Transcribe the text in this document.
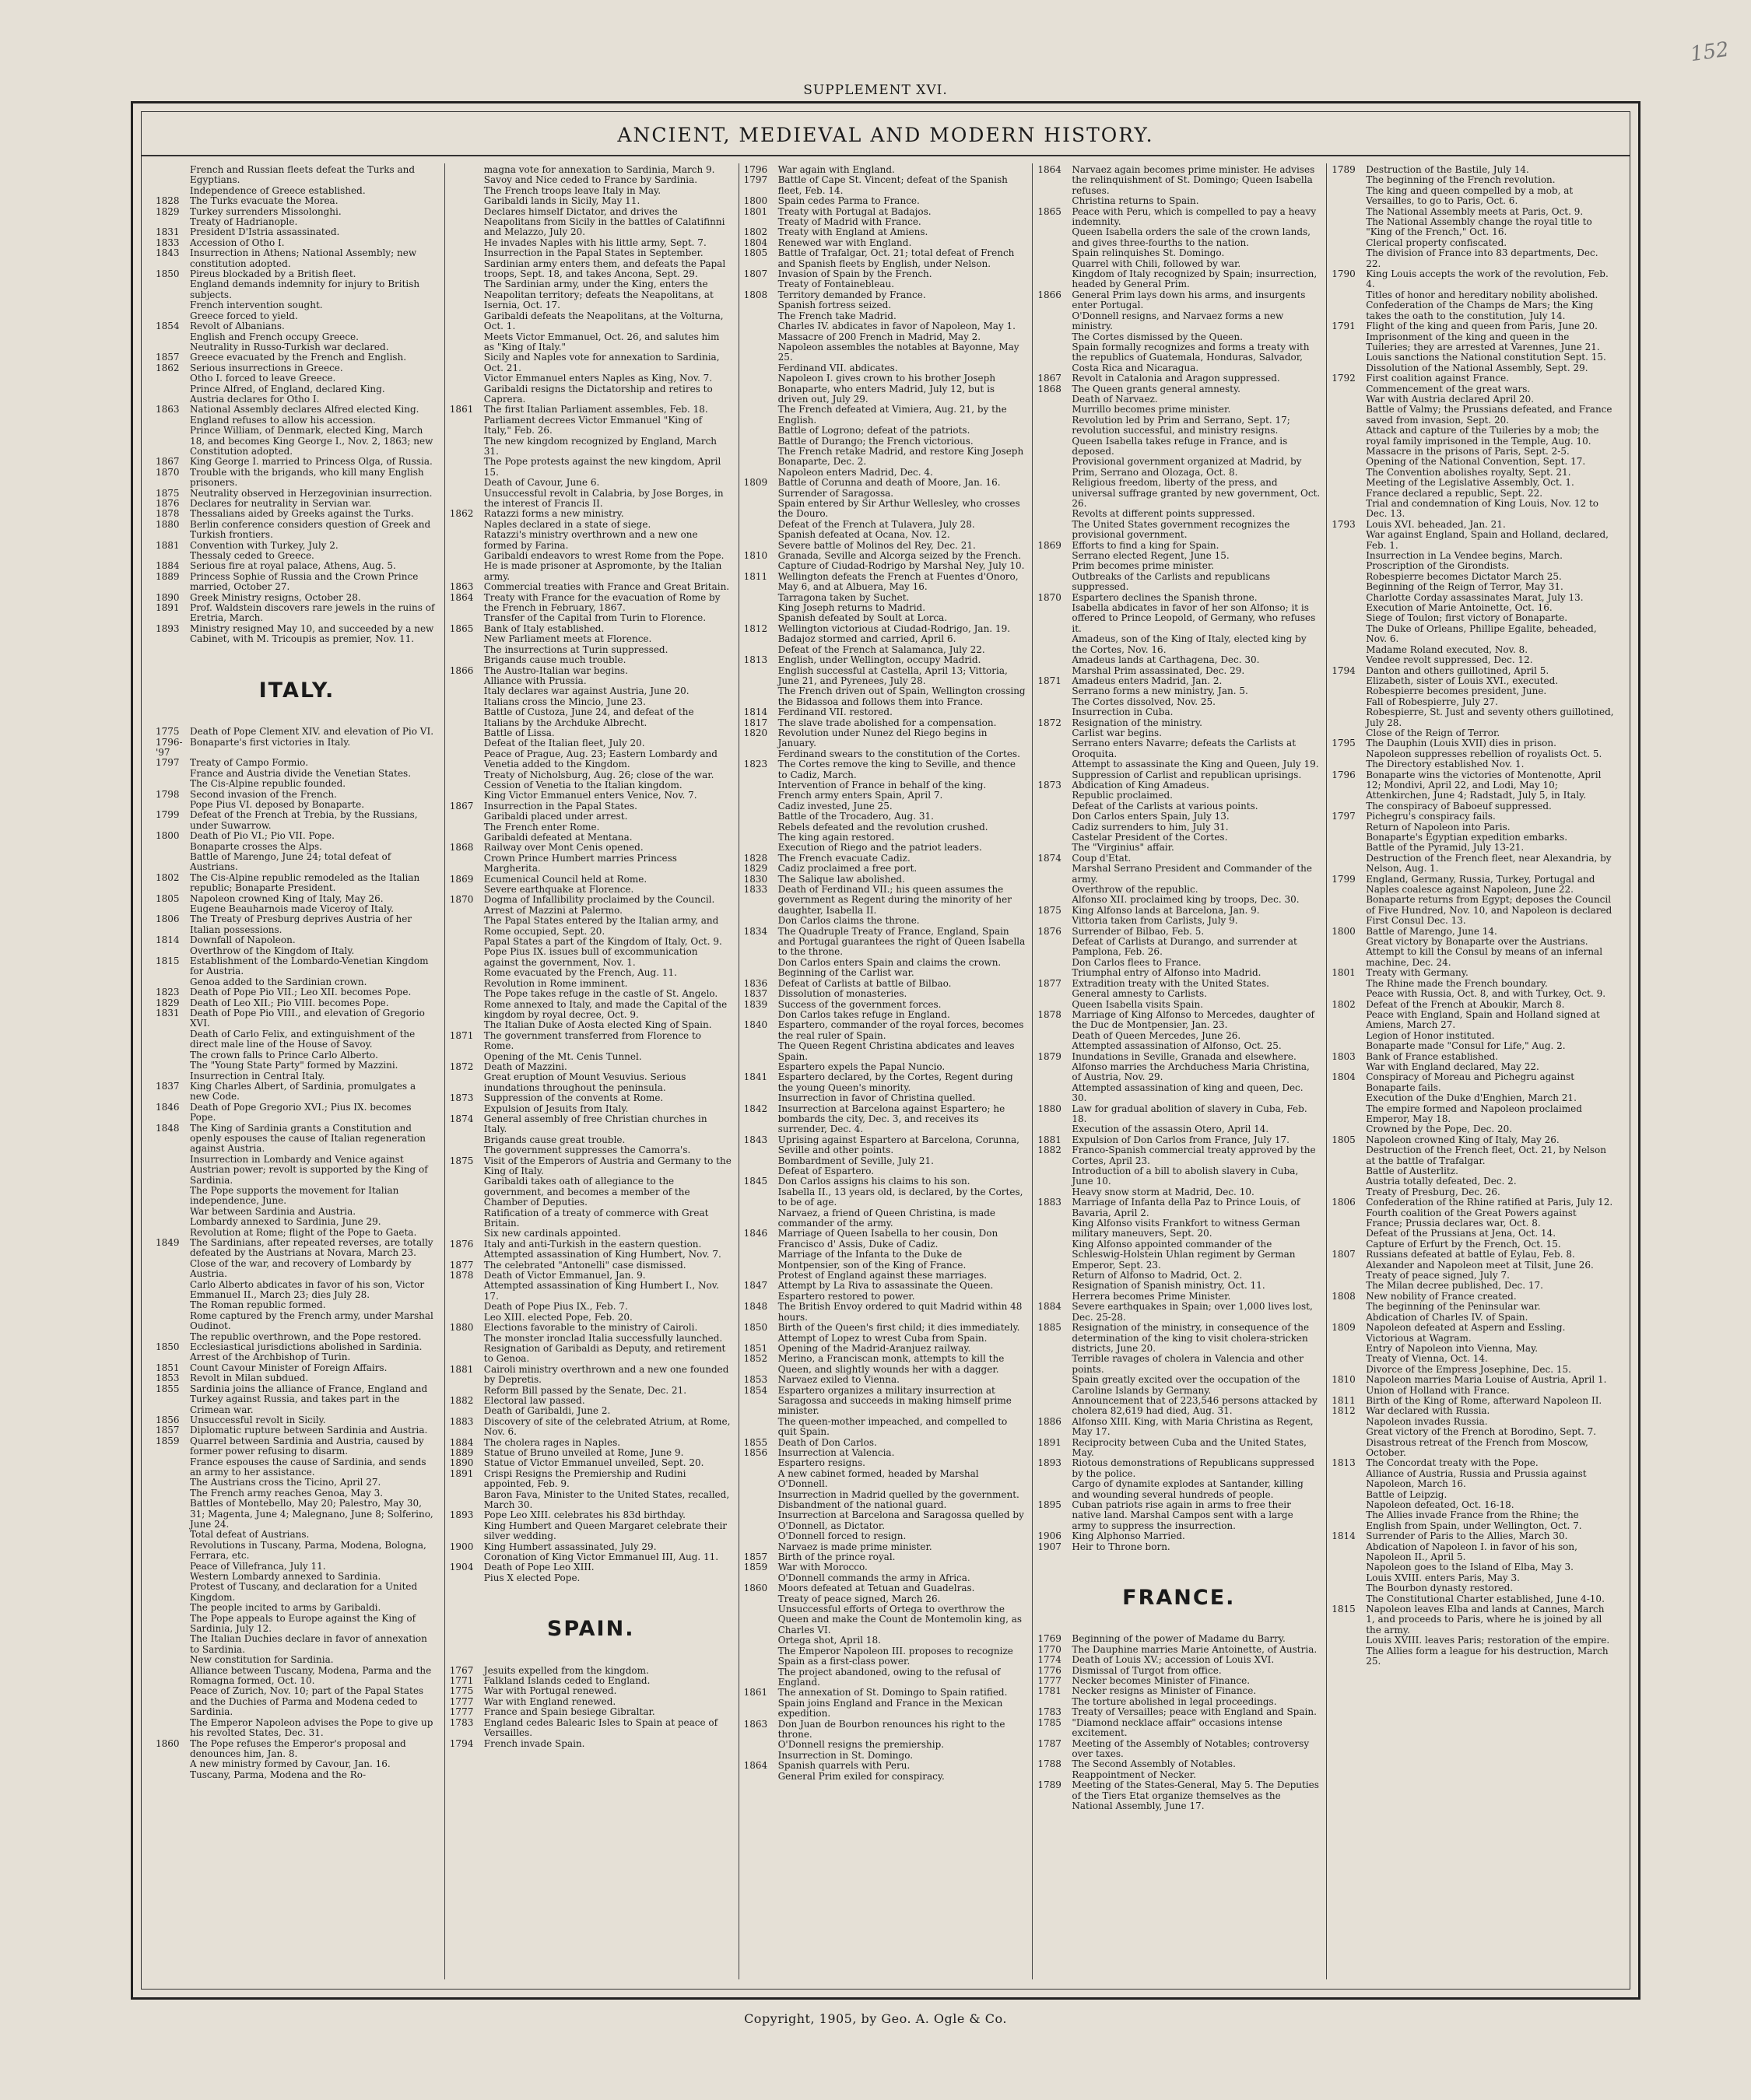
152
SUPPLEMENT XVI.
ANCIENT, MEDIEVAL AND MODERN HISTORY.
French and Russian fleets defeat the Turks and Egyptians.
Independence of Greece established.
1828	The Turks evacuate the Morea.
1829	Turkey surrenders Missolonghi.
Treaty of Hadrianople.
1831	President D'Istria assassinated.
1833	Accession of Otho I.
1843	Insurrection in Athens; National Assembly; new constitution adopted.
1850	Pireus blockaded by a British fleet.
England demands indemnity for injury to British subjects.
French intervention sought.
Greece forced to yield.
1854	Revolt of Albanians.
English and French occupy Greece.
Neutrality in Russo-Turkish war declared.
1857	Greece evacuated by the French and English.
1862	Serious insurrections in Greece.
Otho I. forced to leave Greece.
Prince Alfred, of England, declared King.
Austria declares for Otho I.
1863	National Assembly declares Alfred elected King.
England refuses to allow his accession.
Prince William, of Denmark, elected King, March 18, and becomes King George I., Nov. 2, 1863; new Constitution adopted.
1867	King George I. married to Princess Olga, of Russia.
1870	Trouble with the brigands, who kill many English prisoners.
1875	Neutrality observed in Herzegovinian insurrection.
1876	Declares for neutrality in Servian war.
1878	Thessalians aided by Greeks against the Turks.
1880	Berlin conference considers question of Greek and Turkish frontiers.
1881	Convention with Turkey, July 2.
Thessaly ceded to Greece.
1884	Serious fire at royal palace, Athens, Aug. 5.
1889	Princess Sophie of Russia and the Crown Prince married, October 27.
1890	Greek Ministry resigns, October 28.
1891	Prof. Waldstein discovers rare jewels in the ruins of Eretria, March.
1893	Ministry resigned May 10, and succeeded by a new Cabinet, with M. Tricoupis as premier, Nov. 11.
ITALY.
1775	Death of Pope Clement XIV. and elevation of Pio VI.
1796-'97
Bonaparte's first victories in Italy.
1797	Treaty of Campo Formio.
France and Austria divide the Venetian States.
The Cis-Alpine republic founded.
1798	Second invasion of the French.
Pope Pius VI. deposed by Bonaparte.
1799	Defeat of the French at Trebia, by the Russians, under Suwarrow.
1800	Death of Pio VI.; Pio VII. Pope.
Bonaparte crosses the Alps.
Battle of Marengo, June 24; total defeat of Austrians.
1802	The Cis-Alpine republic remodeled as the Italian republic; Bonaparte President.
1805	Napoleon crowned King of Italy, May 26.
Eugene Beauharnois made Viceroy of Italy.
1806	The Treaty of Presburg deprives Austria of her Italian possessions.
1814	Downfall of Napoleon.
Overthrow of the Kingdom of Italy.
1815	Establishment of the Lombardo-Venetian Kingdom for Austria.
Genoa added to the Sardinian crown.
1823	Death of Pope Pio VII.; Leo XII. becomes Pope.
1829	Death of Leo XII.; Pio VIII. becomes Pope.
1831	Death of Pope Pio VIII., and elevation of Gregorio XVI.
Death of Carlo Felix, and extinguishment of the direct male line of the House of Savoy.
The crown falls to Prince Carlo Alberto.
The "Young State Party" formed by Mazzini.
Insurrection in Central Italy.
1837	King Charles Albert, of Sardinia, promulgates a new Code.
1846	Death of Pope Gregorio XVI.; Pius IX. becomes Pope.
1848	The King of Sardinia grants a Constitution and openly espouses the cause of Italian regeneration against Austria.
Insurrection in Lombardy and Venice against Austrian power; revolt is supported by the King of Sardinia.
The Pope supports the movement for Italian independence, June.
War between Sardinia and Austria.
Lombardy annexed to Sardinia, June 29.
Revolution at Rome; flight of the Pope to Gaeta.
1849	The Sardinians, after repeated reverses, are totally defeated by the Austrians at Novara, March 23.
Close of the war, and recovery of Lombardy by Austria.
Carlo Alberto abdicates in favor of his son, Victor Emmanuel II., March 23; dies July 28.
The Roman republic formed.
Rome captured by the French army, under Marshal Oudinot.
The republic overthrown, and the Pope restored.
1850	Ecclesiastical jurisdictions abolished in Sardinia.
Arrest of the Archbishop of Turin.
1851	Count Cavour Minister of Foreign Affairs.
1853	Revolt in Milan subdued.
1855	Sardinia joins the alliance of France, England and Turkey against Russia, and takes part in the Crimean war.
1856	Unsuccessful revolt in Sicily.
1857	Diplomatic rupture between Sardinia and Austria.
1859	Quarrel between Sardinia and Austria, caused by former power refusing to disarm.
France espouses the cause of Sardinia, and sends an army to her assistance.
The Austrians cross the Ticino, April 27.
The French army reaches Genoa, May 3.
Battles of Montebello, May 20; Palestro, May 30, 31; Magenta, June 4; Malegnano, June 8; Solferino, June 24.
Total defeat of Austrians.
Revolutions in Tuscany, Parma, Modena, Bologna, Ferrara, etc.
Peace of Villefranca, July 11.
Western Lombardy annexed to Sardinia.
Protest of Tuscany, and declaration for a United Kingdom.
The people incited to arms by Garibaldi.
The Pope appeals to Europe against the King of Sardinia, July 12.
The Italian Duchies declare in favor of annexation to Sardinia.
New constitution for Sardinia.
Alliance between Tuscany, Modena, Parma and the Romagna formed, Oct. 10.
Peace of Zurich, Nov. 10; part of the Papal States and the Duchies of Parma and Modena ceded to Sardinia.
The Emperor Napoleon advises the Pope to give up his revolted States, Dec. 31.
1860	The Pope refuses the Emperor's proposal and denounces him, Jan. 8.
A new ministry formed by Cavour, Jan. 16.
Tuscany, Parma, Modena and the Ro-
magna vote for annexation to Sardinia, March 9.
Savoy and Nice ceded to France by Sardinia.
The French troops leave Italy in May.
Garibaldi lands in Sicily, May 11.
Declares himself Dictator, and drives the Neapolitans from Sicily in the battles of Calatifinni and Melazzo, July 20.
He invades Naples with his little army, Sept. 7.
Insurrection in the Papal States in September. Sardinian army enters them, and defeats the Papal troops, Sept. 18, and takes Ancona, Sept. 29.
The Sardinian army, under the King, enters the Neapolitan territory; defeats the Neapolitans, at Isernia, Oct. 17.
Garibaldi defeats the Neapolitans, at the Volturna, Oct. 1.
Meets Victor Emmanuel, Oct. 26, and salutes him as "King of Italy."
Sicily and Naples vote for annexation to Sardinia, Oct. 21.
Victor Emmanuel enters Naples as King, Nov. 7.
Garibaldi resigns the Dictatorship and retires to Caprera.
1861	The first Italian Parliament assembles, Feb. 18.
Parliament decrees Victor Emmanuel "King of Italy," Feb. 26.
The new kingdom recognized by England, March 31.
The Pope protests against the new kingdom, April 15.
Death of Cavour, June 6.
Unsuccessful revolt in Calabria, by Jose Borges, in the interest of Francis II.
1862	Ratazzi forms a new ministry.
Naples declared in a state of siege.
Ratazzi's ministry overthrown and a new one formed by Farina.
Garibaldi endeavors to wrest Rome from the Pope.
He is made prisoner at Aspromonte, by the Italian army.
1863	Commercial treaties with France and Great Britain.
1864	Treaty with France for the evacuation of Rome by the French in February, 1867.
Transfer of the Capital from Turin to Florence.
1865	Bank of Italy established.
New Parliament meets at Florence.
The insurrections at Turin suppressed.
Brigands cause much trouble.
1866	The Austro-Italian war begins.
Alliance with Prussia.
Italy declares war against Austria, June 20.
Italians cross the Mincio, June 23.
Battle of Custoza, June 24, and defeat of the Italians by the Archduke Albrecht.
Battle of Lissa.
Defeat of the Italian fleet, July 20.
Peace of Prague, Aug. 23; Eastern Lombardy and Venetia added to the Kingdom.
Treaty of Nicholsburg, Aug. 26; close of the war.
Cession of Venetia to the Italian kingdom.
King Victor Emmanuel enters Venice, Nov. 7.
1867	Insurrection in the Papal States.
Garibaldi placed under arrest.
The French enter Rome.
Garibaldi defeated at Mentana.
1868	Railway over Mont Cenis opened.
Crown Prince Humbert marries Princess Margherita.
1869	Ecumenical Council held at Rome.
Severe earthquake at Florence.
1870	Dogma of Infallibility proclaimed by the Council.
Arrest of Mazzini at Palermo.
The Papal States entered by the Italian army, and Rome occupied, Sept. 20.
Papal States a part of the Kingdom of Italy, Oct. 9.
Pope Pius IX. issues bull of excommunication against the government, Nov. 1.
Rome evacuated by the French, Aug. 11.
Revolution in Rome imminent.
The Pope takes refuge in the castle of St. Angelo.
Rome annexed to Italy, and made the Capital of the kingdom by royal decree, Oct. 9.
The Italian Duke of Aosta elected King of Spain.
1871	The government transferred from Florence to Rome.
Opening of the Mt. Cenis Tunnel.
1872	Death of Mazzini.
Great eruption of Mount Vesuvius. Serious inundations throughout the peninsula.
1873	Suppression of the convents at Rome.
Expulsion of Jesuits from Italy.
1874	General assembly of free Christian churches in Italy.
Brigands cause great trouble.
The government suppresses the Camorra's.
1875	Visit of the Emperors of Austria and Germany to the King of Italy.
Garibaldi takes oath of allegiance to the government, and becomes a member of the Chamber of Deputies.
Ratification of a treaty of commerce with Great Britain.
Six new cardinals appointed.
1876	Italy and anti-Turkish in the eastern question.
Attempted assassination of King Humbert, Nov. 7.
1877	The celebrated "Antonelli" case dismissed.
1878	Death of Victor Emmanuel, Jan. 9.
Attempted assassination of King Humbert I., Nov. 17.
Death of Pope Pius IX., Feb. 7.
Leo XIII. elected Pope, Feb. 20.
1880	Elections favorable to the ministry of Cairoli.
The monster ironclad Italia successfully launched.
Resignation of Garibaldi as Deputy, and retirement to Genoa.
1881	Cairoli ministry overthrown and a new one founded by Depretis.
Reform Bill passed by the Senate, Dec. 21.
1882	Electoral law passed.
Death of Garibaldi, June 2.
1883	Discovery of site of the celebrated Atrium, at Rome, Nov. 6.
1884	The cholera rages in Naples.
1889	Statue of Bruno unveiled at Rome, June 9.
1890	Statue of Victor Emmanuel unveiled, Sept. 20.
1891	Crispi Resigns the Premiership and Rudini appointed, Feb. 9.
Baron Fava, Minister to the United States, recalled, March 30.
1893	Pope Leo XIII. celebrates his 83d birthday.
King Humbert and Queen Margaret celebrate their silver wedding.
1900	King Humbert assassinated, July 29.
Coronation of King Victor Emmanuel III, Aug. 11.
1904	Death of Pope Leo XIII.
Pius X elected Pope.
SPAIN.
1767	Jesuits expelled from the kingdom.
1771	Falkland Islands ceded to England.
1775	War with Portugal renewed.
1777	War with England renewed.
1777	France and Spain besiege Gibraltar.
1783	England cedes Balearic Isles to Spain at peace of Versailles.
1794	French invade Spain.
1796	War again with England.
1797	Battle of Cape St. Vincent; defeat of the Spanish fleet, Feb. 14.
1800	Spain cedes Parma to France.
1801	Treaty with Portugal at Badajos.
Treaty of Madrid with France.
1802	Treaty with England at Amiens.
1804	Renewed war with England.
1805	Battle of Trafalgar, Oct. 21; total defeat of French and Spanish fleets by English, under Nelson.
1807	Invasion of Spain by the French.
Treaty of Fontainebleau.
1808	Territory demanded by France.
Spanish fortress seized.
The French take Madrid.
Charles IV. abdicates in favor of Napoleon, May 1.
Massacre of 200 French in Madrid, May 2.
Napoleon assembles the notables at Bayonne, May 25.
Ferdinand VII. abdicates.
Napoleon I. gives crown to his brother Joseph Bonaparte, who enters Madrid, July 12, but is driven out, July 29.
The French defeated at Vimiera, Aug. 21, by the English.
Battle of Logrono; defeat of the patriots.
Battle of Durango; the French victorious.
The French retake Madrid, and restore King Joseph Bonaparte, Dec. 2.
Napoleon enters Madrid, Dec. 4.
1809	Battle of Corunna and death of Moore, Jan. 16.
Surrender of Saragossa.
Spain entered by Sir Arthur Wellesley, who crosses the Douro.
Defeat of the French at Tulavera, July 28.
Spanish defeated at Ocana, Nov. 12.
Severe battle of Molinos del Rey, Dec. 21.
1810	Granada, Seville and Alcorga seized by the French.
Capture of Ciudad-Rodrigo by Marshal Ney, July 10.
1811	Wellington defeats the French at Fuentes d'Onoro, May 6, and at Albuera, May 16.
Tarragona taken by Suchet.
King Joseph returns to Madrid.
Spanish defeated by Soult at Lorca.
1812	Wellington victorious at Ciudad-Rodrigo, Jan. 19.
Badajoz stormed and carried, April 6.
Defeat of the French at Salamanca, July 22.
1813	English, under Wellington, occupy Madrid.
English successful at Castella, April 13; Vittoria, June 21, and Pyrenees, July 28.
The French driven out of Spain, Wellington crossing the Bidassoa and follows them into France.
1814	Ferdinand VII. restored.
1817	The slave trade abolished for a compensation.
1820	Revolution under Nunez del Riego begins in January.
Ferdinand swears to the constitution of the Cortes.
1823	The Cortes remove the king to Seville, and thence to Cadiz, March.
Intervention of France in behalf of the king.
French army enters Spain, April 7.
Cadiz invested, June 25.
Battle of the Trocadero, Aug. 31.
Rebels defeated and the revolution crushed.
The king again restored.
Execution of Riego and the patriot leaders.
1828	The French evacuate Cadiz.
1829	Cadiz proclaimed a free port.
1830	The Salique law abolished.
1833	Death of Ferdinand VII.; his queen assumes the government as Regent during the minority of her daughter, Isabella II.
Don Carlos claims the throne.
1834	The Quadruple Treaty of France, England, Spain and Portugal guarantees the right of Queen Isabella to the throne.
Don Carlos enters Spain and claims the crown.
Beginning of the Carlist war.
1836	Defeat of Carlists at battle of Bilbao.
1837	Dissolution of monasteries.
1839	Success of the government forces.
Don Carlos takes refuge in England.
1840	Espartero, commander of the royal forces, becomes the real ruler of Spain.
The Queen Regent Christina abdicates and leaves Spain.
Espartero expels the Papal Nuncio.
1841	Espartero declared, by the Cortes, Regent during the young Queen's minority.
Insurrection in favor of Christina quelled.
1842	Insurrection at Barcelona against Espartero; he bombards the city, Dec. 3, and receives its surrender, Dec. 4.
1843	Uprising against Espartero at Barcelona, Corunna, Seville and other points.
Bombardment of Seville, July 21.
Defeat of Espartero.
1845	Don Carlos assigns his claims to his son.
Isabella II., 13 years old, is declared, by the Cortes, to be of age.
Narvaez, a friend of Queen Christina, is made commander of the army.
1846	Marriage of Queen Isabella to her cousin, Don Francisco d' Assis, Duke of Cadiz.
Marriage of the Infanta to the Duke de Montpensier, son of the King of France.
Protest of England against these marriages.
1847	Attempt by La Riva to assassinate the Queen.
Espartero restored to power.
1848	The British Envoy ordered to quit Madrid within 48 hours.
1850	Birth of the Queen's first child; it dies immediately.
Attempt of Lopez to wrest Cuba from Spain.
1851	Opening of the Madrid-Aranjuez railway.
1852	Merino, a Franciscan monk, attempts to kill the Queen, and slightly wounds her with a dagger.
1853	Narvaez exiled to Vienna.
1854	Espartero organizes a military insurrection at Saragossa and succeeds in making himself prime minister.
The queen-mother impeached, and compelled to quit Spain.
1855	Death of Don Carlos.
1856	Insurrection at Valencia.
Espartero resigns.
A new cabinet formed, headed by Marshal O'Donnell.
Insurrection in Madrid quelled by the government.
Disbandment of the national guard.
Insurrection at Barcelona and Saragossa quelled by O'Donnell, as Dictator.
O'Donnell forced to resign.
Narvaez is made prime minister.
1857	Birth of the prince royal.
1859	War with Morocco.
O'Donnell commands the army in Africa.
1860	Moors defeated at Tetuan and Guadelras.
Treaty of peace signed, March 26.
Unsuccessful efforts of Ortega to overthrow the Queen and make the Count de Montemolin king, as Charles VI.
Ortega shot, April 18.
The Emperor Napoleon III. proposes to recognize Spain as a first-class power.
The project abandoned, owing to the refusal of England.
1861	The annexation of St. Domingo to Spain ratified.
Spain joins England and France in the Mexican expedition.
1863	Don Juan de Bourbon renounces his right to the throne.
O'Donnell resigns the premiership.
Insurrection in St. Domingo.
1864	Spanish quarrels with Peru.
General Prim exiled for conspiracy.
1864	Narvaez again becomes prime minister. He advises the relinquishment of St. Domingo; Queen Isabella refuses.
Christina returns to Spain.
1865	Peace with Peru, which is compelled to pay a heavy indemnity.
Queen Isabella orders the sale of the crown lands, and gives three-fourths to the nation.
Spain relinquishes St. Domingo.
Quarrel with Chili, followed by war.
Kingdom of Italy recognized by Spain; insurrection, headed by General Prim.
1866	General Prim lays down his arms, and insurgents enter Portugal.
O'Donnell resigns, and Narvaez forms a new ministry.
The Cortes dismissed by the Queen.
Spain formally recognizes and forms a treaty with the republics of Guatemala, Honduras, Salvador, Costa Rica and Nicaragua.
1867	Revolt in Catalonia and Aragon suppressed.
1868	The Queen grants general amnesty.
Death of Narvaez.
Murrillo becomes prime minister.
Revolution led by Prim and Serrano, Sept. 17; revolution successful, and ministry resigns.
Queen Isabella takes refuge in France, and is deposed.
Provisional government organized at Madrid, by Prim, Serrano and Olozaga, Oct. 8.
Religious freedom, liberty of the press, and universal suffrage granted by new government, Oct. 26.
Revolts at different points suppressed.
The United States government recognizes the provisional government.
1869	Efforts to find a king for Spain.
Serrano elected Regent, June 15.
Prim becomes prime minister.
Outbreaks of the Carlists and republicans suppressed.
1870	Espartero declines the Spanish throne.
Isabella abdicates in favor of her son Alfonso; it is offered to Prince Leopold, of Germany, who refuses it.
Amadeus, son of the King of Italy, elected king by the Cortes, Nov. 16.
Amadeus lands at Carthagena, Dec. 30.
Marshal Prim assassinated, Dec. 29.
1871	Amadeus enters Madrid, Jan. 2.
Serrano forms a new ministry, Jan. 5.
The Cortes dissolved, Nov. 25.
Insurrection in Cuba.
1872	Resignation of the ministry.
Carlist war begins.
Serrano enters Navarre; defeats the Carlists at Oroquita.
Attempt to assassinate the King and Queen, July 19.
Suppression of Carlist and republican uprisings.
1873	Abdication of King Amadeus.
Republic proclaimed.
Defeat of the Carlists at various points.
Don Carlos enters Spain, July 13.
Cadiz surrenders to him, July 31.
Castelar President of the Cortes.
The "Virginius" affair.
1874	Coup d'Etat.
Marshal Serrano President and Commander of the army.
Overthrow of the republic.
Alfonso XII. proclaimed king by troops, Dec. 30.
1875	King Alfonso lands at Barcelona, Jan. 9.
Vittoria taken from Carlists, July 9.
1876	Surrender of Bilbao, Feb. 5.
Defeat of Carlists at Durango, and surrender at Pamplona, Feb. 26.
Don Carlos flees to France.
Triumphal entry of Alfonso into Madrid.
1877	Extradition treaty with the United States.
General amnesty to Carlists.
Queen Isabella visits Spain.
1878	Marriage of King Alfonso to Mercedes, daughter of the Duc de Montpensier, Jan. 23.
Death of Queen Mercedes, June 26.
Attempted assassination of Alfonso, Oct. 25.
1879	Inundations in Seville, Granada and elsewhere.
Alfonso marries the Archduchess Maria Christina, of Austria, Nov. 29.
Attempted assassination of king and queen, Dec. 30.
1880	Law for gradual abolition of slavery in Cuba, Feb. 18.
Execution of the assassin Otero, April 14.
1881	Expulsion of Don Carlos from France, July 17.
1882	Franco-Spanish commercial treaty approved by the Cortes, April 23.
Introduction of a bill to abolish slavery in Cuba, June 10.
Heavy snow storm at Madrid, Dec. 10.
1883	Marriage of Infanta della Paz to Prince Louis, of Bavaria, April 2.
King Alfonso visits Frankfort to witness German military maneuvers, Sept. 20.
King Alfonso appointed commander of the Schleswig-Holstein Uhlan regiment by German Emperor, Sept. 23.
Return of Alfonso to Madrid, Oct. 2.
Resignation of Spanish ministry, Oct. 11.
Herrera becomes Prime Minister.
1884	Severe earthquakes in Spain; over 1,000 lives lost, Dec. 25-28.
1885	Resignation of the ministry, in consequence of the determination of the king to visit cholera-stricken districts, June 20.
Terrible ravages of cholera in Valencia and other points.
Spain greatly excited over the occupation of the Caroline Islands by Germany.
Announcement that of 223,546 persons attacked by cholera 82,619 had died, Aug. 31.
1886	Alfonso XIII. King, with Maria Christina as Regent, May 17.
1891	Reciprocity between Cuba and the United States, May.
1893	Riotous demonstrations of Republicans suppressed by the police.
Cargo of dynamite explodes at Santander, killing and wounding several hundreds of people.
1895	Cuban patriots rise again in arms to free their native land. Marshal Campos sent with a large army to suppress the insurrection.
1906	King Alphonso Married.
1907	Heir to Throne born.
FRANCE.
1769	Beginning of the power of Madame du Barry.
1770	The Dauphine marries Marie Antoinette, of Austria.
1774	Death of Louis XV.; accession of Louis XVI.
1776	Dismissal of Turgot from office.
1777	Necker becomes Minister of Finance.
1781	Necker resigns as Minister of Finance.
The torture abolished in legal proceedings.
1783	Treaty of Versailles; peace with England and Spain.
1785	"Diamond necklace affair" occasions intense excitement.
1787	Meeting of the Assembly of Notables; controversy over taxes.
1788	The Second Assembly of Notables.
Reappointment of Necker.
1789	Meeting of the States-General, May 5. The Deputies of the Tiers Etat organize themselves as the National Assembly, June 17.
1789	Destruction of the Bastile, July 14.
The beginning of the French revolution.
The king and queen compelled by a mob, at Versailles, to go to Paris, Oct. 6.
The National Assembly meets at Paris, Oct. 9.
The National Assembly change the royal title to "King of the French," Oct. 16.
Clerical property confiscated.
The division of France into 83 departments, Dec. 22.
1790	King Louis accepts the work of the revolution, Feb. 4.
Titles of honor and hereditary nobility abolished.
Confederation of the Champs de Mars; the King takes the oath to the constitution, July 14.
1791	Flight of the king and queen from Paris, June 20.
Imprisonment of the king and queen in the Tuileries; they are arrested at Varennes, June 21.
Louis sanctions the National constitution Sept. 15.
Dissolution of the National Assembly, Sept. 29.
1792	First coalition against France.
Commencement of the great wars.
War with Austria declared April 20.
Battle of Valmy; the Prussians defeated, and France saved from invasion, Sept. 20.
Attack and capture of the Tuileries by a mob; the royal family imprisoned in the Temple, Aug. 10.
Massacre in the prisons of Paris, Sept. 2-5.
Opening of the National Convention, Sept. 17.
The Convention abolishes royalty, Sept. 21.
Meeting of the Legislative Assembly, Oct. 1.
France declared a republic, Sept. 22.
Trial and condemnation of King Louis, Nov. 12 to Dec. 13.
1793	Louis XVI. beheaded, Jan. 21.
War against England, Spain and Holland, declared, Feb. 1.
Insurrection in La Vendee begins, March.
Proscription of the Girondists.
Robespierre becomes Dictator March 25.
Beginning of the Reign of Terror, May 31.
Charlotte Corday assassinates Marat, July 13.
Execution of Marie Antoinette, Oct. 16.
Siege of Toulon; first victory of Bonaparte.
The Duke of Orleans, Phillipe Egalite, beheaded, Nov. 6.
Madame Roland executed, Nov. 8.
Vendee revolt suppressed, Dec. 12.
1794	Danton and others guillotined, April 5.
Elizabeth, sister of Louis XVI., executed.
Robespierre becomes president, June.
Fall of Robespierre, July 27.
Robespierre, St. Just and seventy others guillotined, July 28.
Close of the Reign of Terror.
1795	The Dauphin (Louis XVII) dies in prison.
Napoleon suppresses rebellion of royalists Oct. 5.
The Directory established Nov. 1.
1796	Bonaparte wins the victories of Montenotte, April 12; Mondivi, April 22, and Lodi, May 10; Attenkirchen, June 4; Radstadt, July 5, in Italy.
The conspiracy of Baboeuf suppressed.
1797	Pichegru's conspiracy fails.
Return of Napoleon into Paris.
Bonaparte's Egyptian expedition embarks.
Battle of the Pyramid, July 13-21.
Destruction of the French fleet, near Alexandria, by Nelson, Aug. 1.
1799	England, Germany, Russia, Turkey, Portugal and Naples coalesce against Napoleon, June 22.
Bonaparte returns from Egypt; deposes the Council of Five Hundred, Nov. 10, and Napoleon is declared First Consul Dec. 13.
1800	Battle of Marengo, June 14.
Great victory by Bonaparte over the Austrians.
Attempt to kill the Consul by means of an infernal machine, Dec. 24.
1801	Treaty with Germany.
The Rhine made the French boundary.
Peace with Russia, Oct. 8, and with Turkey, Oct. 9.
1802	Defeat of the French at Aboukir, March 8.
Peace with England, Spain and Holland signed at Amiens, March 27.
Legion of Honor instituted.
Bonaparte made "Consul for Life," Aug. 2.
1803	Bank of France established.
War with England declared, May 22.
1804	Conspiracy of Moreau and Pichegru against Bonaparte fails.
Execution of the Duke d'Enghien, March 21.
The empire formed and Napoleon proclaimed Emperor, May 18.
Crowned by the Pope, Dec. 20.
1805	Napoleon crowned King of Italy, May 26.
Destruction of the French fleet, Oct. 21, by Nelson at the battle of Trafalgar.
Battle of Austerlitz.
Austria totally defeated, Dec. 2.
Treaty of Presburg, Dec. 26.
1806	Confederation of the Rhine ratified at Paris, July 12.
Fourth coalition of the Great Powers against France; Prussia declares war, Oct. 8.
Defeat of the Prussians at Jena, Oct. 14.
Capture of Erfurt by the French, Oct. 15.
1807	Russians defeated at battle of Eylau, Feb. 8.
Alexander and Napoleon meet at Tilsit, June 26.
Treaty of peace signed, July 7.
The Milan decree published, Dec. 17.
1808	New nobility of France created.
The beginning of the Peninsular war.
Abdication of Charles IV. of Spain.
1809	Napoleon defeated at Aspern and Essling.
Victorious at Wagram.
Entry of Napoleon into Vienna, May.
Treaty of Vienna, Oct. 14.
Divorce of the Empress Josephine, Dec. 15.
1810	Napoleon marries Maria Louise of Austria, April 1.
Union of Holland with France.
1811	Birth of the King of Rome, afterward Napoleon II.
1812	War declared with Russia.
Napoleon invades Russia.
Great victory of the French at Borodino, Sept. 7.
Disastrous retreat of the French from Moscow, October.
1813	The Concordat treaty with the Pope.
Alliance of Austria, Russia and Prussia against Napoleon, March 16.
Battle of Leipzig.
Napoleon defeated, Oct. 16-18.
The Allies invade France from the Rhine; the English from Spain, under Wellington, Oct. 7.
1814	Surrender of Paris to the Allies, March 30.
Abdication of Napoleon I. in favor of his son, Napoleon II., April 5.
Napoleon goes to the Island of Elba, May 3.
Louis XVIII. enters Paris, May 3.
The Bourbon dynasty restored.
The Constitutional Charter established, June 4-10.
1815	Napoleon leaves Elba and lands at Cannes, March 1, and proceeds to Paris, where he is joined by all the army.
Louis XVIII. leaves Paris; restoration of the empire.
The Allies form a league for his destruction, March 25.
Copyright, 1905, by Geo. A. Ogle & Co.
